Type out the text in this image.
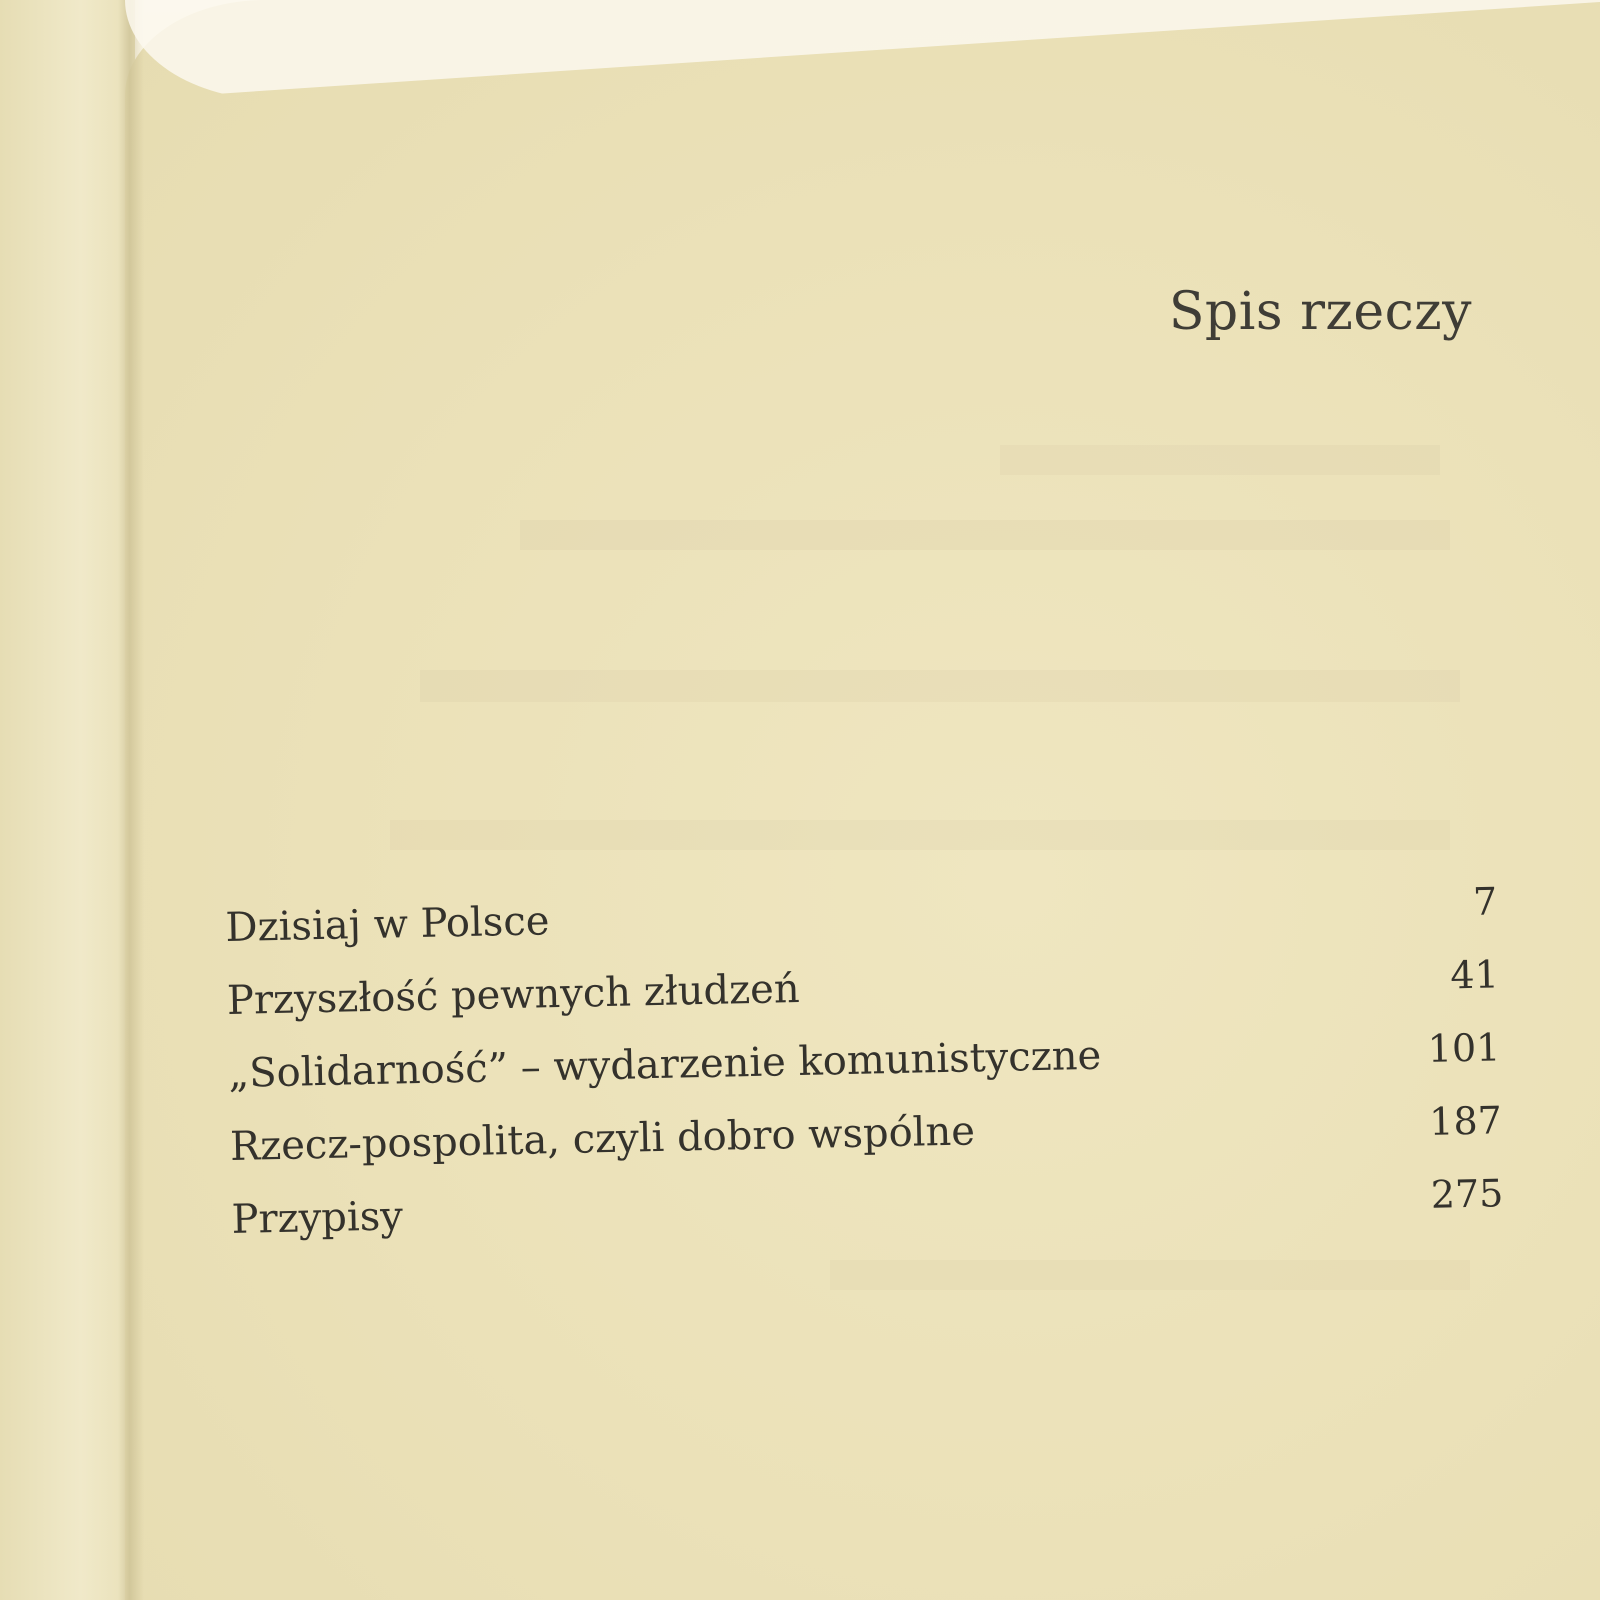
Spis rzeczy
Dzisiaj w Polsce	7
Przyszłość pewnych złudzeń	41
„Solidarność” – wydarzenie komunistyczne	101
Rzecz-pospolita, czyli dobro wspólne	187
Przypisy	275
